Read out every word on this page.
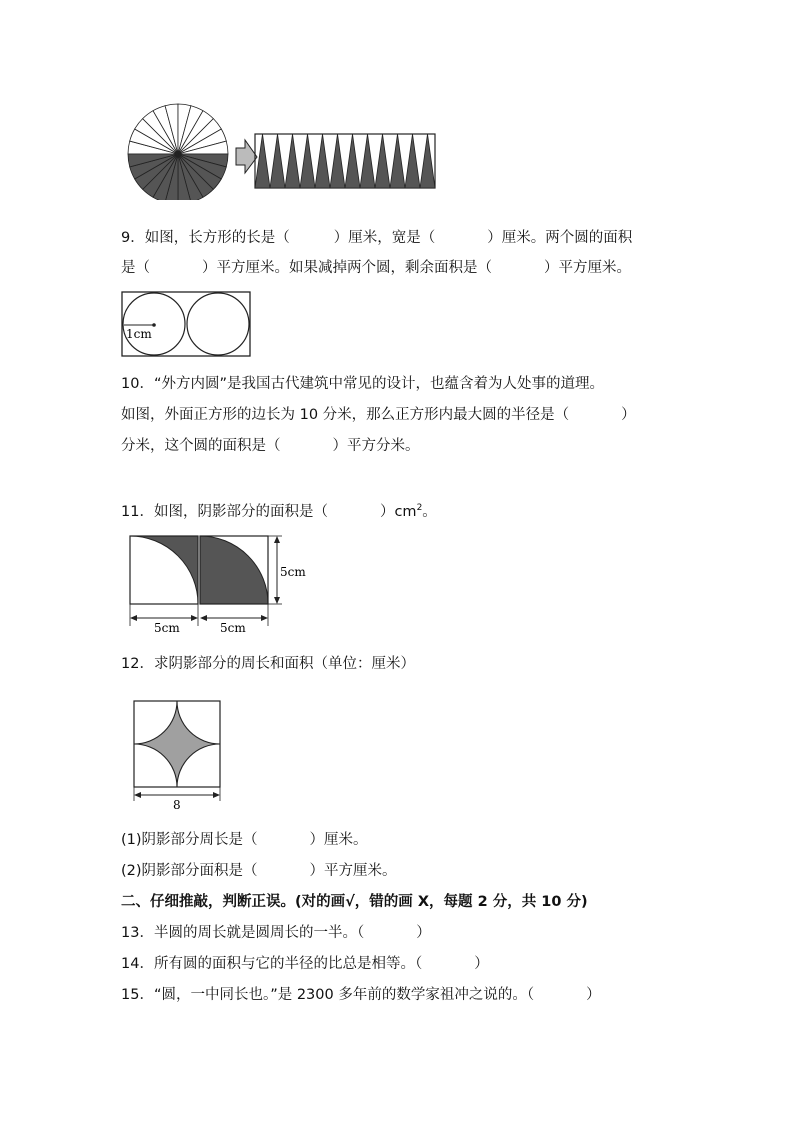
9．如图，长方形的长是（	）厘米，宽是（	）厘米。两个圆的面积
是（	）平方厘米。如果减掉两个圆，剩余面积是（	）平方厘米。
1cm
10．“外方内圆”是我国古代建筑中常见的设计，也蕴含着为人处事的道理。
如图，外面正方形的边长为 10 分米，那么正方形内最大圆的半径是（	）
分米，这个圆的面积是（	）平方分米。
11．如图，阴影部分的面积是（	）$cm^2$。
5cm
5cm	5cm
12．求阴影部分的周长和面积（单位：厘米）
8
(1)阴影部分周长是（	）厘米。
(2)阴影部分面积是（	）平方厘米。
二、仔细推敲，判断正误。(对的画√，错的画 X，每题 2 分，共 10 分)
13．半圆的周长就是圆周长的一半。（	）
14．所有圆的面积与它的半径的比总是相等。（	）
15．“圆，一中同长也。”是 2300 多年前的数学家祖冲之说的。（	）
